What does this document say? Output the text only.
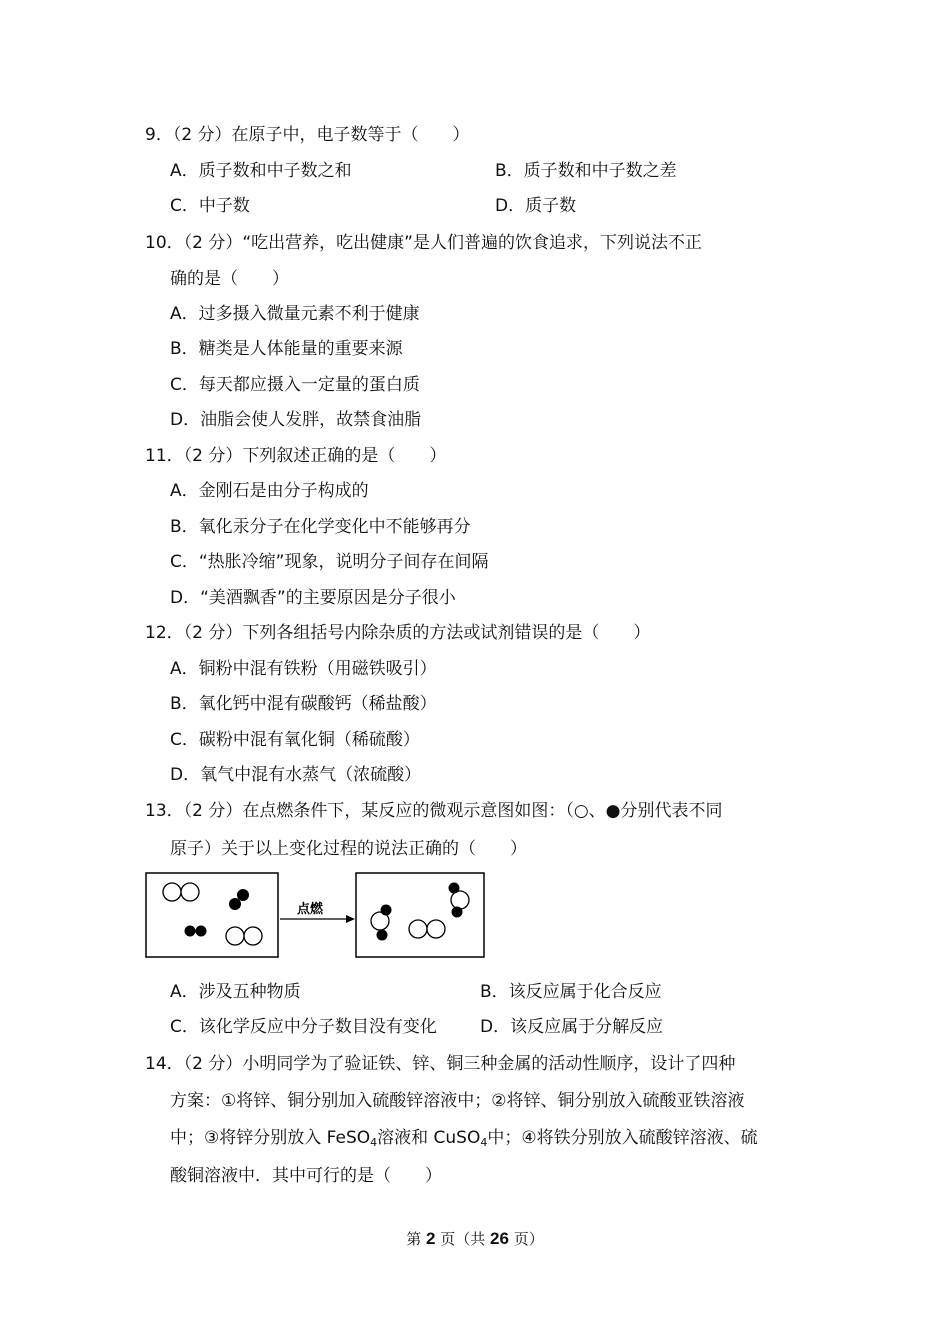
9．（2 分）在原子中，电子数等于（　　）
A．质子数和中子数之和	B．质子数和中子数之差
C．中子数	D．质子数
10．（2 分）“吃出营养，吃出健康”是人们普遍的饮食追求，下列说法不正
确的是（　　）
A．过多摄入微量元素不利于健康
B．糖类是人体能量的重要来源
C．每天都应摄入一定量的蛋白质
D．油脂会使人发胖，故禁食油脂
11．（2 分）下列叙述正确的是（　　）
A．金刚石是由分子构成的
B．氧化汞分子在化学变化中不能够再分
C．“热胀冷缩”现象，说明分子间存在间隔
D．“美酒飘香”的主要原因是分子很小
12．（2 分）下列各组括号内除杂质的方法或试剂错误的是（　　）
A．铜粉中混有铁粉（用磁铁吸引）
B．氧化钙中混有碳酸钙（稀盐酸）
C．碳粉中混有氧化铜（稀硫酸）
D．氧气中混有水蒸气（浓硫酸）
13．（2 分）在点燃条件下，某反应的微观示意图如图：（○、●分别代表不同
原子）关于以上变化过程的说法正确的（　　）
点燃
A．涉及五种物质	B．该反应属于化合反应
C．该化学反应中分子数目没有变化	D．该反应属于分解反应
14．（2 分）小明同学为了验证铁、锌、铜三种金属的活动性顺序，设计了四种
方案：①将锌、铜分别加入硫酸锌溶液中；②将锌、铜分别放入硫酸亚铁溶液
中；③将锌分别放入 FeSO$_4$溶液和 CuSO$_4$中；④将铁分别放入硫酸锌溶液、硫
酸铜溶液中．其中可行的是（　　）
第 2 页（共 26 页）
